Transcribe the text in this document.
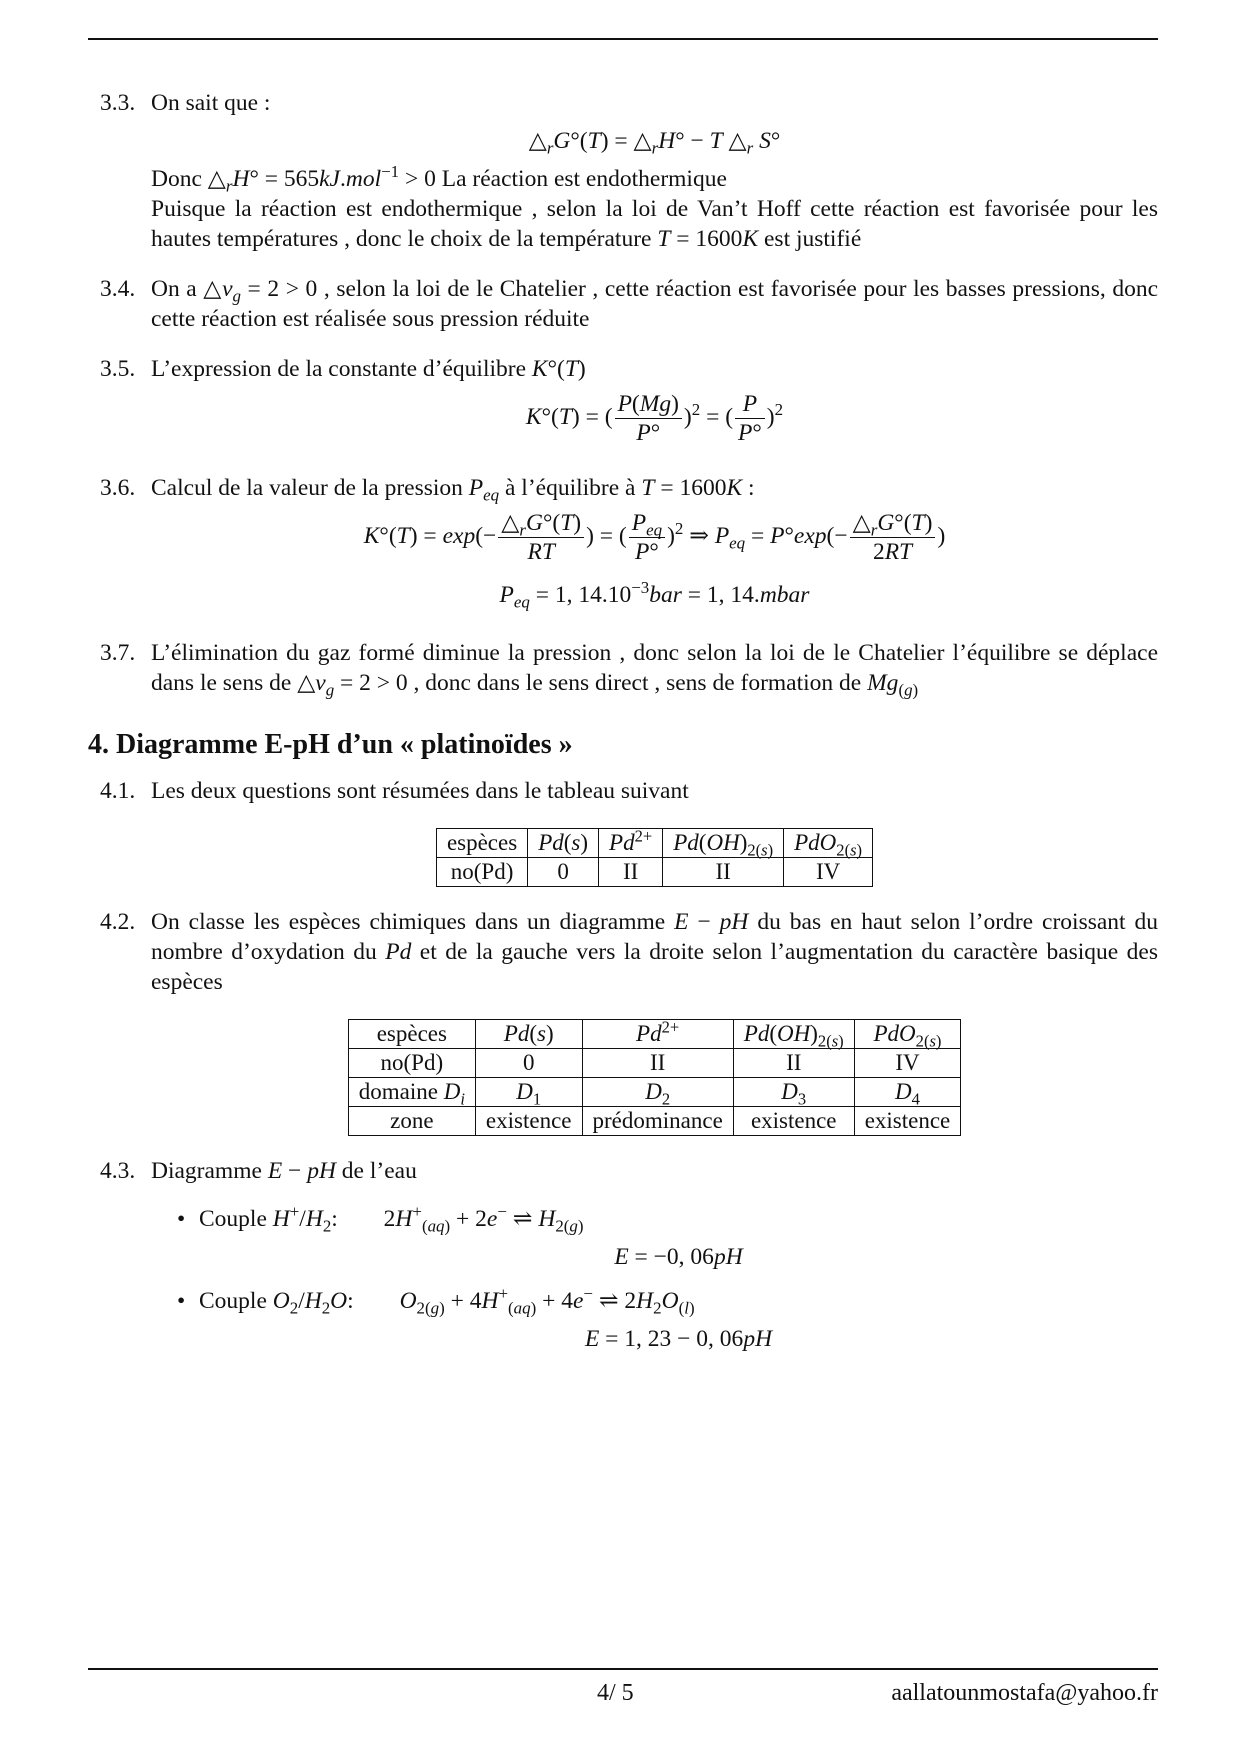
3.3. On sait que :
$\triangle_rG^\circ(T)$ = $\triangle_rH^\circ - T$ $\triangle_r$ S°
Donc $\triangle_rH^\circ = 565kJ.mol^{-1} > 0$ La réaction est endothermique
Puisque la réaction est endothermique , selon la loi de Van’t Hoff cette réaction est favorisée pour les hautes températures , donc le choix de la température T = 1600K est justifié
3.4. On a $\triangle\nu_g = 2 > 0$ , selon la loi de le Chatelier , cette réaction est favorisée pour les basses pressions, donc cette réaction est réalisée sous pression réduite
3.5. L’expression de la constante d’équilibre K°(T)
K°(T) = ( $\frac{P(Mg)}{P^\circ} )^2$ = ( $\frac{P}{P^\circ} )^2$
3.6. Calcul de la valeur de la pression $P_{eq}$ à l’équilibre à T = 1600K :
$K^\circ(T) = \exp(- \frac{\triangle_rG^\circ(T)}{RT}$ ) = ( $\frac{P_{eq}}{P^\circ} )^2$ ⇒ $P_{eq} = P^\circ\exp(- \frac{\triangle_rG^\circ(T)}{2RT}$ )
$P_{eq} = 1$, $14.10^{-3}bar = 1$, 14.mbar
3.7. L’élimination du gaz formé diminue la pression , donc selon la loi de le Chatelier l’équilibre se déplace dans le sens de $\triangle\nu_g = 2 > 0$ , donc dans le sens direct , sens de formation de $Mg_{(g)}$
4. Diagramme E-pH d’un « platinoïdes »
4.1. Les deux questions sont résumées dans le tableau suivant
espèces	Pd(s)	$Pd^{2+}$	$Pd(OH)_{2(s)}$	PdO$_{2(s)}$
no(Pd)	0	II	II	IV
4.2. On classe les espèces chimiques dans un diagramme E − pH du bas en haut selon l’ordre croissant du nombre d’oxydation du Pd et de la gauche vers la droite selon l’augmentation du caractère basique des espèces
espèces	Pd(s)	$Pd^{2+}$	$Pd(OH)_{2(s)}$	PdO$_{2(s)}$
no(Pd)	0	II	II	IV
domaine $D_i$	$D_1$	$D_2$	$D_3$	$D_4$
zone	existence	prédominance	existence	existence
4.3. Diagramme E − pH de l’eau
• Couple $H^+/H_2$: $2H^+_{(aq)} + 2e^-$ ⇌ $H_{2(g)}$
E = −0, 06pH
• Couple $O_2/H_2O$: $O_{2(g)} + 4H^+_{(aq)} + 4e^-$ ⇌ $2H_2O_{(l)}$
E = 1, 23 − 0, 06pH
4/ 5	aallatounmostafa@yahoo.fr
